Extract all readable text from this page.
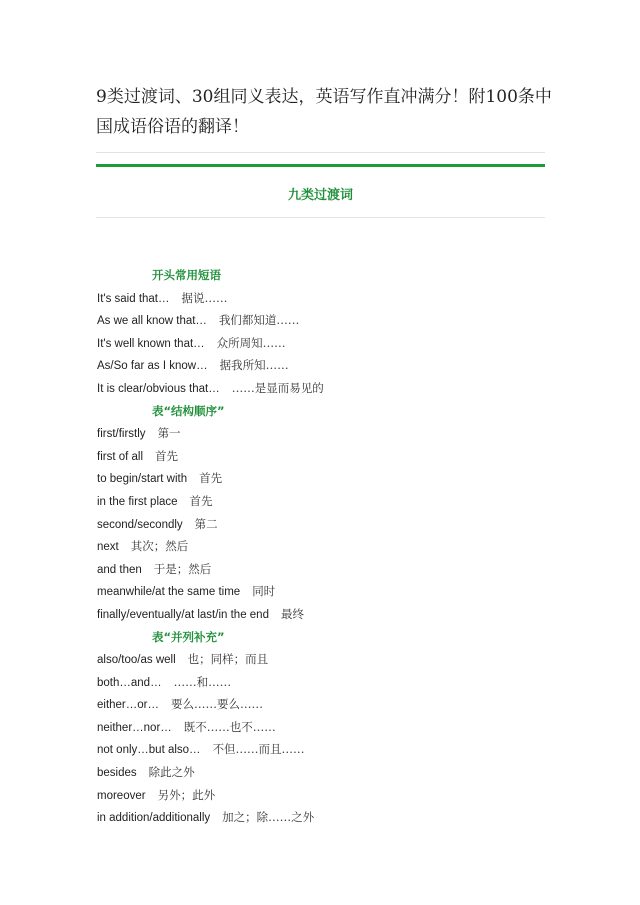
9类过渡词、30组同义表达，英语写作直冲满分！附100条中国成语俗语的翻译！
九类过渡词
开头常用短语
It's said that… 据说……
As we all know that… 我们都知道……
It's well known that… 众所周知……
As/So far as I know… 据我所知……
It is clear/obvious that… ……是显而易见的
表“结构顺序”
first/firstly 第一
first of all 首先
to begin/start with 首先
in the first place 首先
second/secondly 第二
next 其次；然后
and then 于是；然后
meanwhile/at the same time 同时
finally/eventually/at last/in the end 最终
表“并列补充”
also/too/as well 也；同样；而且
both…and… ……和……
either…or… 要么……要么……
neither…nor… 既不……也不……
not only…but also… 不但……而且……
besides 除此之外
moreover 另外；此外
in addition/additionally 加之；除……之外
